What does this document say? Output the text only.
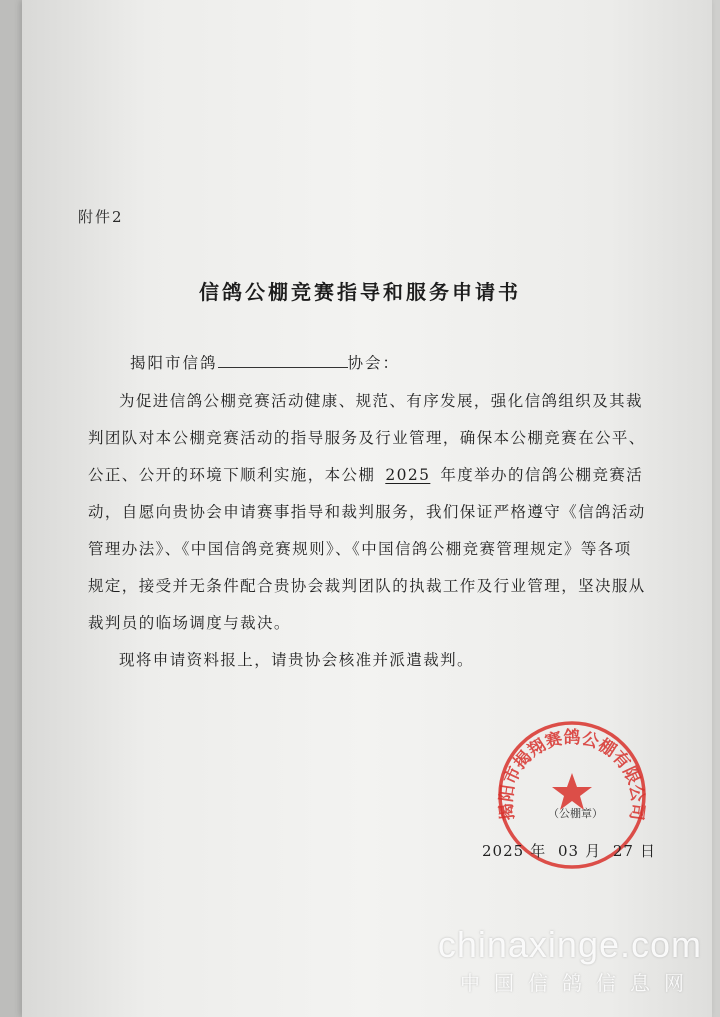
附件2
信鸽公棚竞赛指导和服务申请书
揭阳市信鸽	协会：

为促进信鸽公棚竞赛活动健康、规范、有序发展，强化信鸽组织及其裁判团队对本公棚竞赛活动的指导服务及行业管理，确保本公棚竞赛在公平、公正、公开的环境下顺利实施，本公棚 2025 年度举办的信鸽公棚竞赛活动，自愿向贵协会申请赛事指导和裁判服务，我们保证严格遵守《信鸽活动管理办法》、《中国信鸽竞赛规则》、《中国信鸽公棚竞赛管理规定》等各项规定，接受并无条件配合贵协会裁判团队的执裁工作及行业管理，坚决服从裁判员的临场调度与裁决。

现将申请资料报上，请贵协会核准并派遣裁判。
揭阳市揭翔赛鸽公棚有限公司
（公棚章）
2025 年 03 月 27 日
chinaxinge.com
中国信鸽信息网
